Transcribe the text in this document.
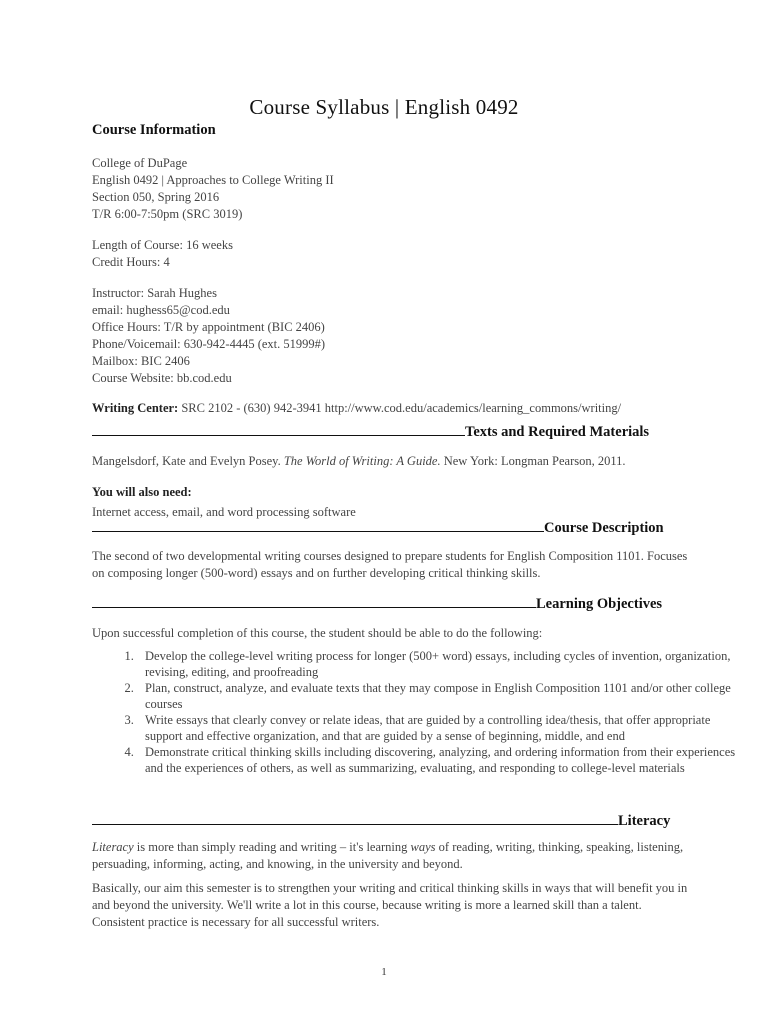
Course Syllabus | English 0492
Course Information
College of DuPage
English 0492 | Approaches to College Writing II
Section 050, Spring 2016
T/R 6:00-7:50pm (SRC 3019)
Length of Course: 16 weeks
Credit Hours: 4
Instructor: Sarah Hughes
email: hughess65@cod.edu
Office Hours: T/R by appointment (BIC 2406)
Phone/Voicemail: 630-942-4445 (ext. 51999#)
Mailbox: BIC 2406
Course Website: bb.cod.edu
Writing Center: SRC 2102 - (630) 942-3941 http://www.cod.edu/academics/learning_commons/writing/
Texts and Required Materials
Mangelsdorf, Kate and Evelyn Posey. The World of Writing: A Guide. New York: Longman Pearson, 2011.
You will also need:
Internet access, email, and word processing software
Course Description
The second of two developmental writing courses designed to prepare students for English Composition 1101. Focuses on composing longer (500-word) essays and on further developing critical thinking skills.
Learning Objectives
Upon successful completion of this course, the student should be able to do the following:
1. Develop the college-level writing process for longer (500+ word) essays, including cycles of invention, organization, revising, editing, and proofreading
2. Plan, construct, analyze, and evaluate texts that they may compose in English Composition 1101 and/or other college courses
3. Write essays that clearly convey or relate ideas, that are guided by a controlling idea/thesis, that offer appropriate support and effective organization, and that are guided by a sense of beginning, middle, and end
4. Demonstrate critical thinking skills including discovering, analyzing, and ordering information from their experiences and the experiences of others, as well as summarizing, evaluating, and responding to college-level materials
Literacy
Literacy is more than simply reading and writing – it's learning ways of reading, writing, thinking, speaking, listening, persuading, informing, acting, and knowing, in the university and beyond.
Basically, our aim this semester is to strengthen your writing and critical thinking skills in ways that will benefit you in and beyond the university. We'll write a lot in this course, because writing is more a learned skill than a talent. Consistent practice is necessary for all successful writers.
1
